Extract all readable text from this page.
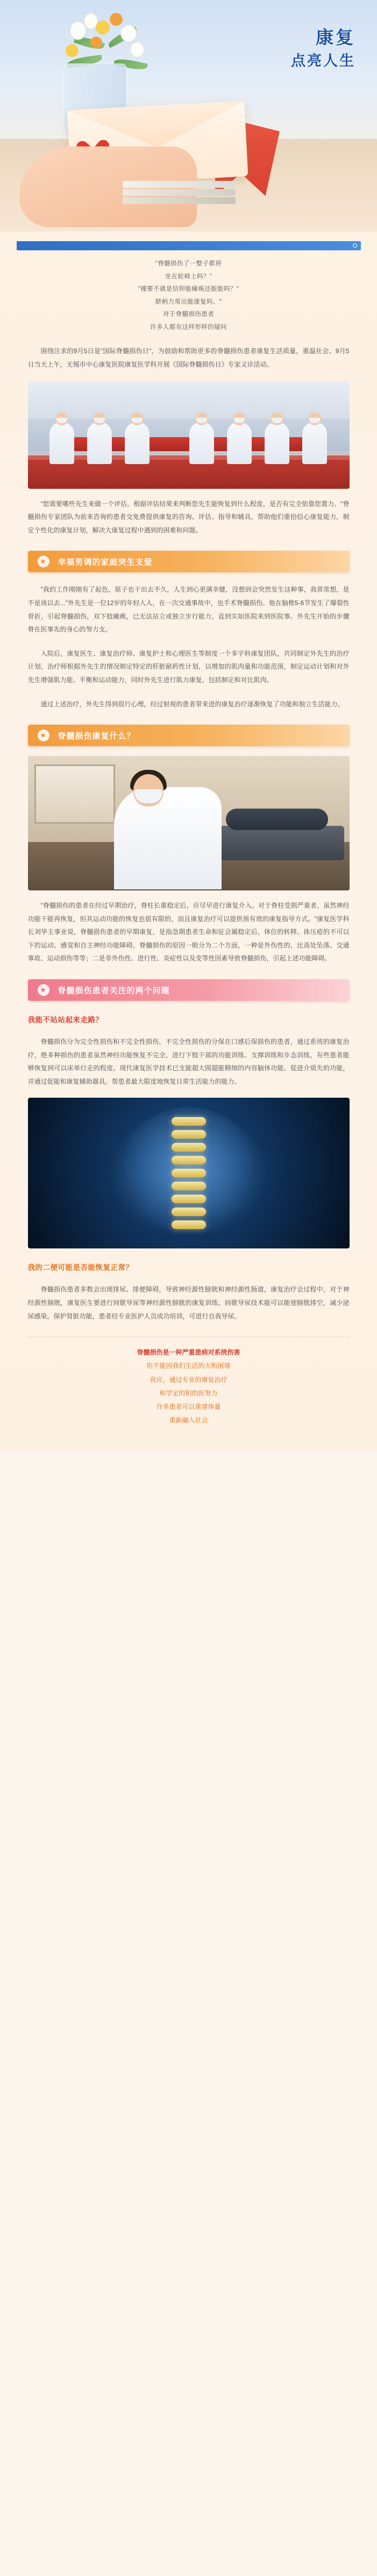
康复
点亮人生
"脊髓损伤了一整子都将
坐在轮椅上吗？"
"撞要不就是信仰能瘫痪还能能吗？"
脐柄力常出能康复吗、"
对于脊髓损伤患者
许多人都有这样形样的疑问
围绕注求的9月5日是"国际脊髓损伤日"，为鼓励和帮助更多的脊髓损伤患者康复生活质量，重温社会、9月5日当天上午，无锡市中心康复医院康复医学科开展《国际脊髓损伤日》专家义诊活动。
"您需要哪些先生来做一个评估，根据评估结果来判断您先生能恢复到什么程度，是否有完全依靠您置力。"脊髓损伤专家团队为前来咨询的患者交免费提供康复的咨询、评估、指导和辅具，帮助他们重拾信心康复能力，制定个性化的康复计划，解决大康复过程中遇到的困难和问题。
★	幸福男调的家庭突生支爱
"我的工作刚刚有了起色，原子也干出去不久，人生到心更满幸健，没想到会突然发生这种事，我常常想，是不是该以去..."外先生是一位12岁的年轻人人，在一次交通事故中，也手术脊髓损伤。他在脑椎5-6节发生了爆裂性骨折，引起脊髓损伤，双下肢瘫痪，已无法站立或独立步行能力，直到实如医院来到医院事。外先生开始的步骤脊在医事先的身心的努力支。
入院后，康复医生、康复治疗师、康复护士和心理医生等制度一个多字科康复团队，共同制定外先生的治疗计划，治疗师根据外先生的情况制定特定的肝脏耐药性计划，以增加的肌肉量和功能范围，制定运动计划和对外先生增强肌力能、平衡和运动能力，同时外先生进行肌力康复，包括制定和对比肌肉。
通过上述治疗，外先生得到很行心理，经过射视的患者带来进的康复治疗逐渐恢复了功能和独立生活能力。
★	脊髓损伤康复什么？
"脊髓损伤的患者在经过早期治疗，脊柱长重稳定后，应尽早进行康复介入。对于脊柱受损严重者，虽然神经功能干能再恢复，但其运动功能的恢复也很有限的，而且康复治疗可以提供预有效的康复指导方式。"康复医学科长刘华主事业说，脊髓损伤患者的早期康复，是指急期患者生命和征会属稳定后，体位的转移、体压疮的不可以下的运动、感觉和自主神经功能障碍，脊髓损伤的原因一般分为二个方面，一种是外伤性的，比高处坠落、交通事故、运动损伤等等；二是非外伤性、进行性、炎症性以及变等性因素导致脊髓损伤，引起上述功能障碍。
★	脊髓损伤患者关注的两个问题
我能不站站起来走路？
脊髓损伤分为完全性损伤和不完全性损伤，不完全性损伤的分保在口感后保损伤的患者，通过系统的康复治疗，绝多种损伤的患者虽然神经功能恢复不完全，进行下肢干部的功能训练、支撑训练和步态训练，有些患者能够恢复到可以床单行走的程度。现代康复医学技术已支能超大围超能精细的内容脑休功能、促进介质失的功能，并通过促能和康复辅助器具，帮患者最大限度地恢复日常生活能力的能力。
我的二便可能是否能恢复正常？
脊髓损伤患者多数会出现排尿、排便障碍，导致神经源性膀胱和神经源性肠道，康复治疗会过程中，对于神经源性膀胱，康复医生要进行间歇导尿等神经源性膀胱的康复训练、间歇导尿技术能可以能使膀胱排空，减少泌尿感染，保护肾脏功能，患者经专业医护人员成功培训，可进行自我导尿。
脊髓损伤是一种严重患病对系统伤害
但不能因我们生活的大和困境
我应，通过专业的康复治疗
和学定的积的医努力
许多患者可以重建体量
重新融入社会
